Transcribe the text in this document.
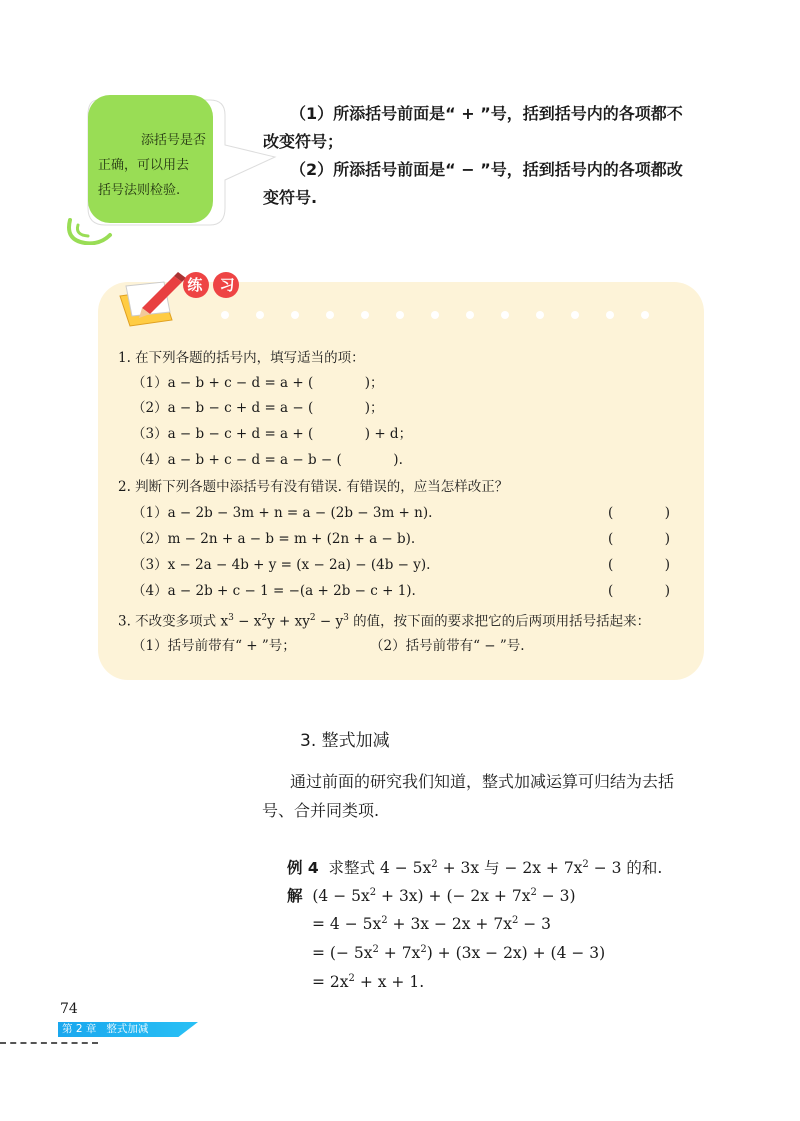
添括号是否
正确，可以用去
括号法则检验.
（1）所添括号前面是“ + ”号，括到括号内的各项都不
改变符号；
（2）所添括号前面是“ − ”号，括到括号内的各项都改
变符号.
练 习
1. 在下列各题的括号内，填写适当的项：
（1）a − b + c − d = a + (            )；
（2）a − b − c + d = a − (            )；
（3）a − b − c + d = a + (            ) + d；
（4）a − b + c − d = a − b − (            ).
2. 判断下列各题中添括号有没有错误. 有错误的，应当怎样改正？
（1）a − 2b − 3m + n = a − (2b − 3m + n).	(            )
（2）m − 2n + a − b = m + (2n + a − b).	(            )
（3）x − 2a − 4b + y = (x − 2a) − (4b − y).	(            )
（4）a − 2b + c − 1 = −(a + 2b − c + 1).	(            )
3. 不改变多项式 $x^3 - x^2y + xy^2 - y^3$ 的值，按下面的要求把它的后两项用括号括起来：
（1）括号前带有“ + ”号；	（2）括号前带有“ − ”号.
3. 整式加减
通过前面的研究我们知道，整式加减运算可归结为去括
号、合并同类项.
例 4  求整式 $4 - 5x^2 + 3x$ 与 − $2x + 7x^2 - 3$ 的和.
解  $(4 - 5x^2 + 3x)$ + (− $2x + 7x^2 - 3$)
= $4 - 5x^2 + 3x - 2x + 7x^2 - 3$
= (− $5x^2 + 7x^2) + (3x - 2x) + (4 - 3)$
= $2x^2 + x + 1$.
74
第 2 章   整式加减
